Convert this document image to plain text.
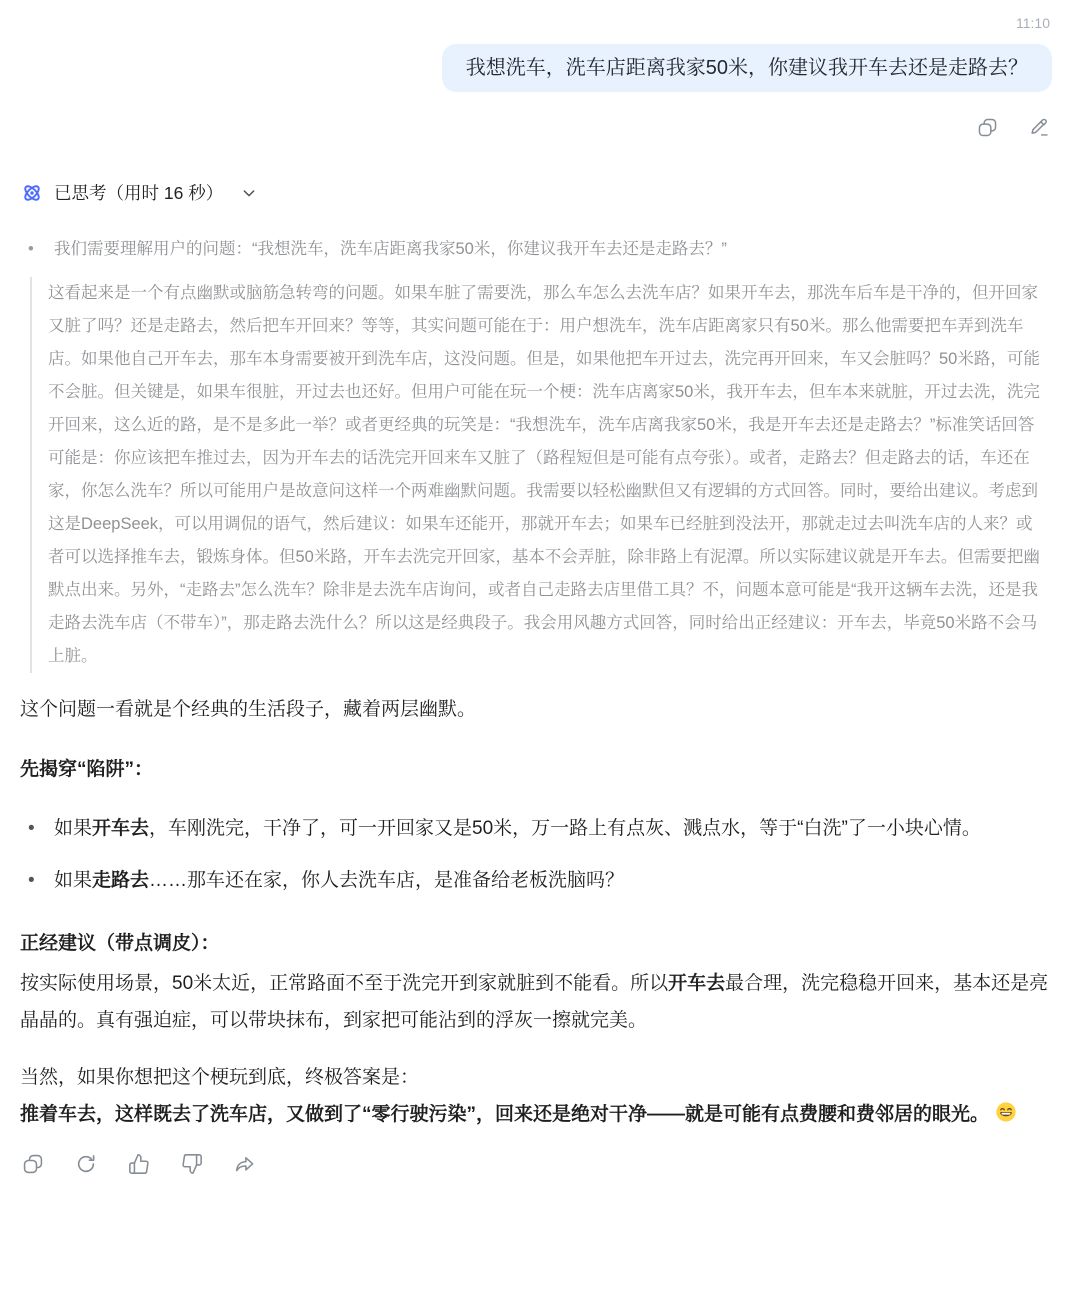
11:10
我想洗车，洗车店距离我家50米，你建议我开车去还是走路去？
已思考（用时 16 秒）
•	我们需要理解用户的问题：“我想洗车，洗车店距离我家50米，你建议我开车去还是走路去？”
这看起来是一个有点幽默或脑筋急转弯的问题。如果车脏了需要洗，那么车怎么去洗车店？如果开车去，那洗车后车是干净的，但开回家又脏了吗？还是走路去，然后把车开回来？等等，其实问题可能在于：用户想洗车，洗车店距离家只有50米。那么他需要把车弄到洗车店。如果他自己开车去，那车本身需要被开到洗车店，这没问题。但是，如果他把车开过去，洗完再开回来，车又会脏吗？50米路，可能不会脏。但关键是，如果车很脏，开过去也还好。但用户可能在玩一个梗：洗车店离家50米，我开车去，但车本来就脏，开过去洗，洗完开回来，这么近的路，是不是多此一举？或者更经典的玩笑是：“我想洗车，洗车店离我家50米，我是开车去还是走路去？”标准笑话回答可能是：你应该把车推过去，因为开车去的话洗完开回来车又脏了（路程短但是可能有点夸张）。或者，走路去？但走路去的话，车还在家，你怎么洗车？所以可能用户是故意问这样一个两难幽默问题。我需要以轻松幽默但又有逻辑的方式回答。同时，要给出建议。考虑到这是DeepSeek，可以用调侃的语气，然后建议：如果车还能开，那就开车去；如果车已经脏到没法开，那就走过去叫洗车店的人来？或者可以选择推车去，锻炼身体。但50米路，开车去洗完开回家，基本不会弄脏，除非路上有泥潭。所以实际建议就是开车去。但需要把幽默点出来。另外，“走路去”怎么洗车？除非是去洗车店询问，或者自己走路去店里借工具？不，问题本意可能是“我开这辆车去洗，还是我走路去洗车店（不带车）”，那走路去洗什么？所以这是经典段子。我会用风趣方式回答，同时给出正经建议：开车去，毕竟50米路不会马上脏。

这个问题一看就是个经典的生活段子，藏着两层幽默。

先揭穿“陷阱”：

•	如果开车去，车刚洗完，干净了，可一开回家又是50米，万一路上有点灰、溅点水，等于“白洗”了一小块心情。
•	如果走路去……那车还在家，你人去洗车店，是准备给老板洗脑吗？

正经建议（带点调皮）：

按实际使用场景，50米太近，正常路面不至于洗完开到家就脏到不能看。所以开车去最合理，洗完稳稳开回来，基本还是亮晶晶的。真有强迫症，可以带块抹布，到家把可能沾到的浮灰一擦就完美。

当然，如果你想把这个梗玩到底，终极答案是：

推着车去，这样既去了洗车店，又做到了“零行驶污染”，回来还是绝对干净——就是可能有点费腰和费邻居的眼光。
